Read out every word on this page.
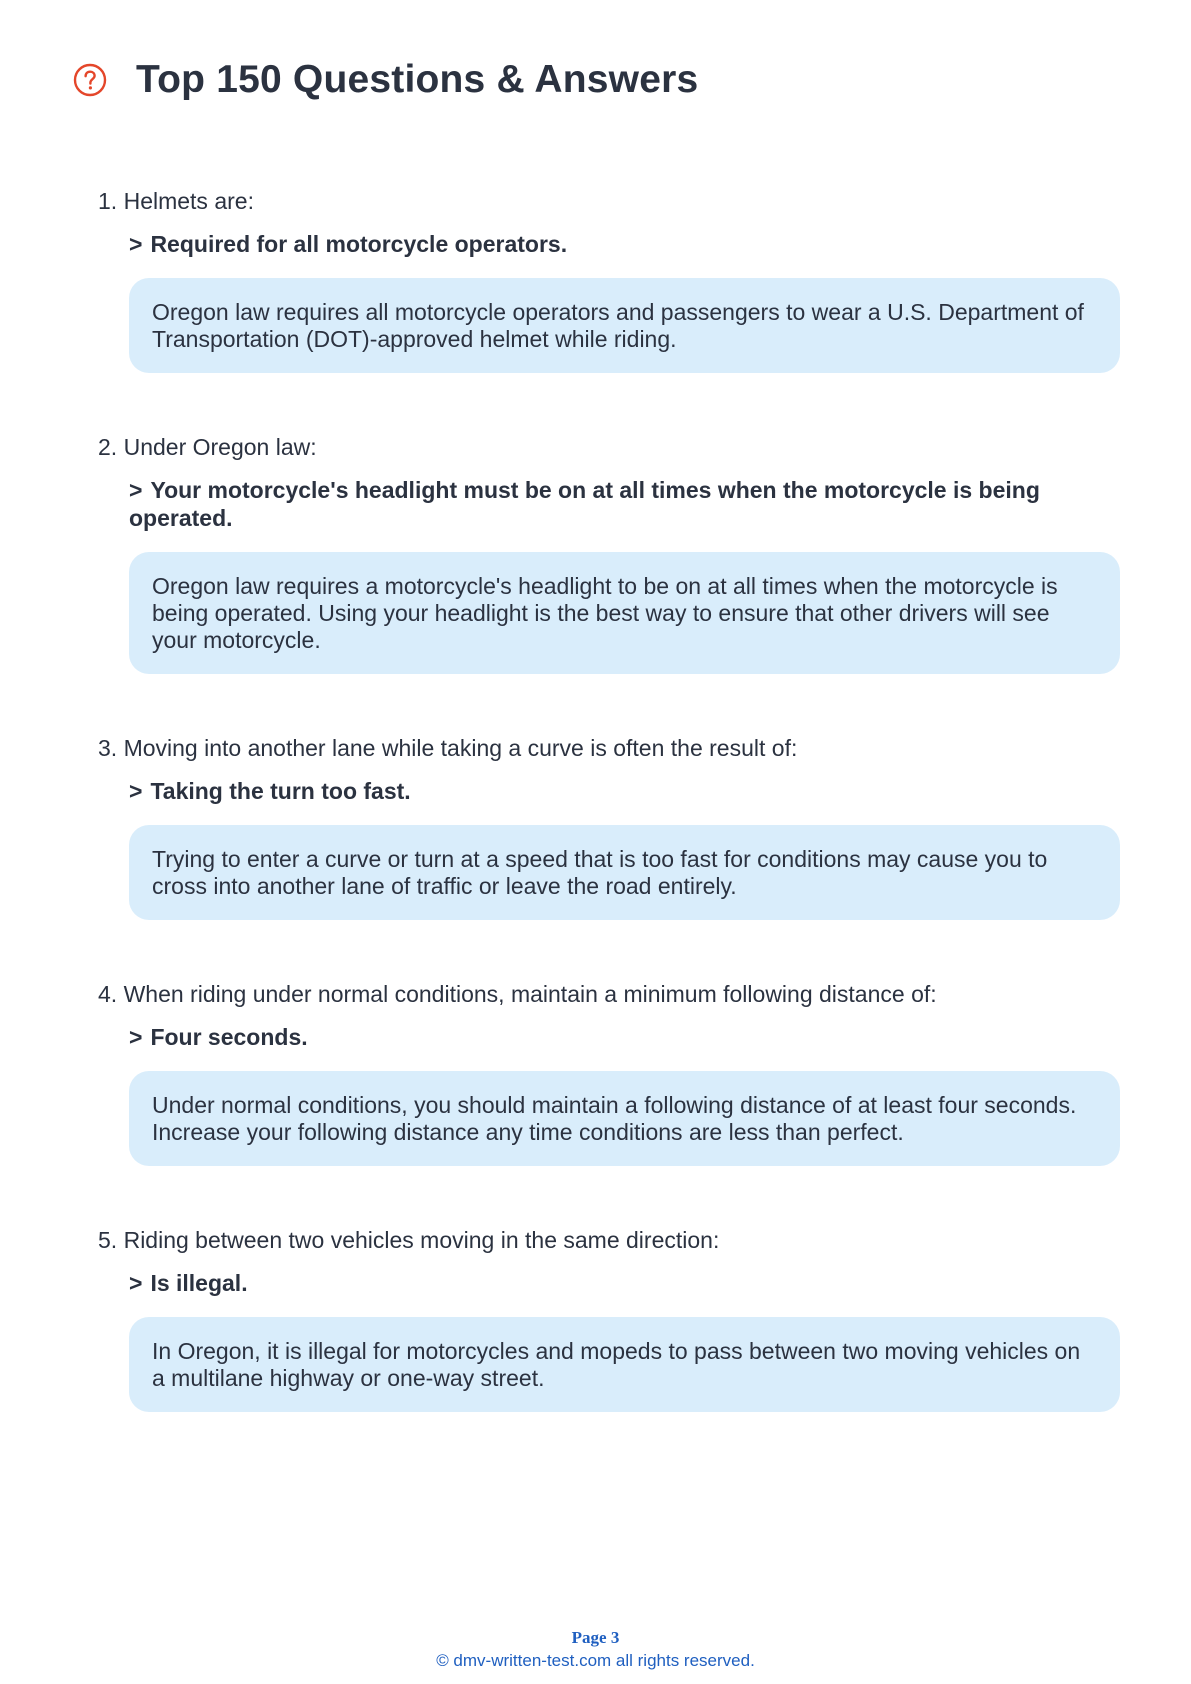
Top 150 Questions & Answers

1. Helmets are:

> Required for all motorcycle operators.
Oregon law requires all motorcycle operators and passengers to wear a U.S. Department of Transportation (DOT)-approved helmet while riding.

2. Under Oregon law:

> Your motorcycle's headlight must be on at all times when the motorcycle is being operated.
Oregon law requires a motorcycle's headlight to be on at all times when the motorcycle is being operated. Using your headlight is the best way to ensure that other drivers will see your motorcycle.

3. Moving into another lane while taking a curve is often the result of:

> Taking the turn too fast.
Trying to enter a curve or turn at a speed that is too fast for conditions may cause you to cross into another lane of traffic or leave the road entirely.

4. When riding under normal conditions, maintain a minimum following distance of:

> Four seconds.
Under normal conditions, you should maintain a following distance of at least four seconds. Increase your following distance any time conditions are less than perfect.

5. Riding between two vehicles moving in the same direction:

> Is illegal.
In Oregon, it is illegal for motorcycles and mopeds to pass between two moving vehicles on a multilane highway or one-way street.
Page 3
© dmv-written-test.com all rights reserved.
